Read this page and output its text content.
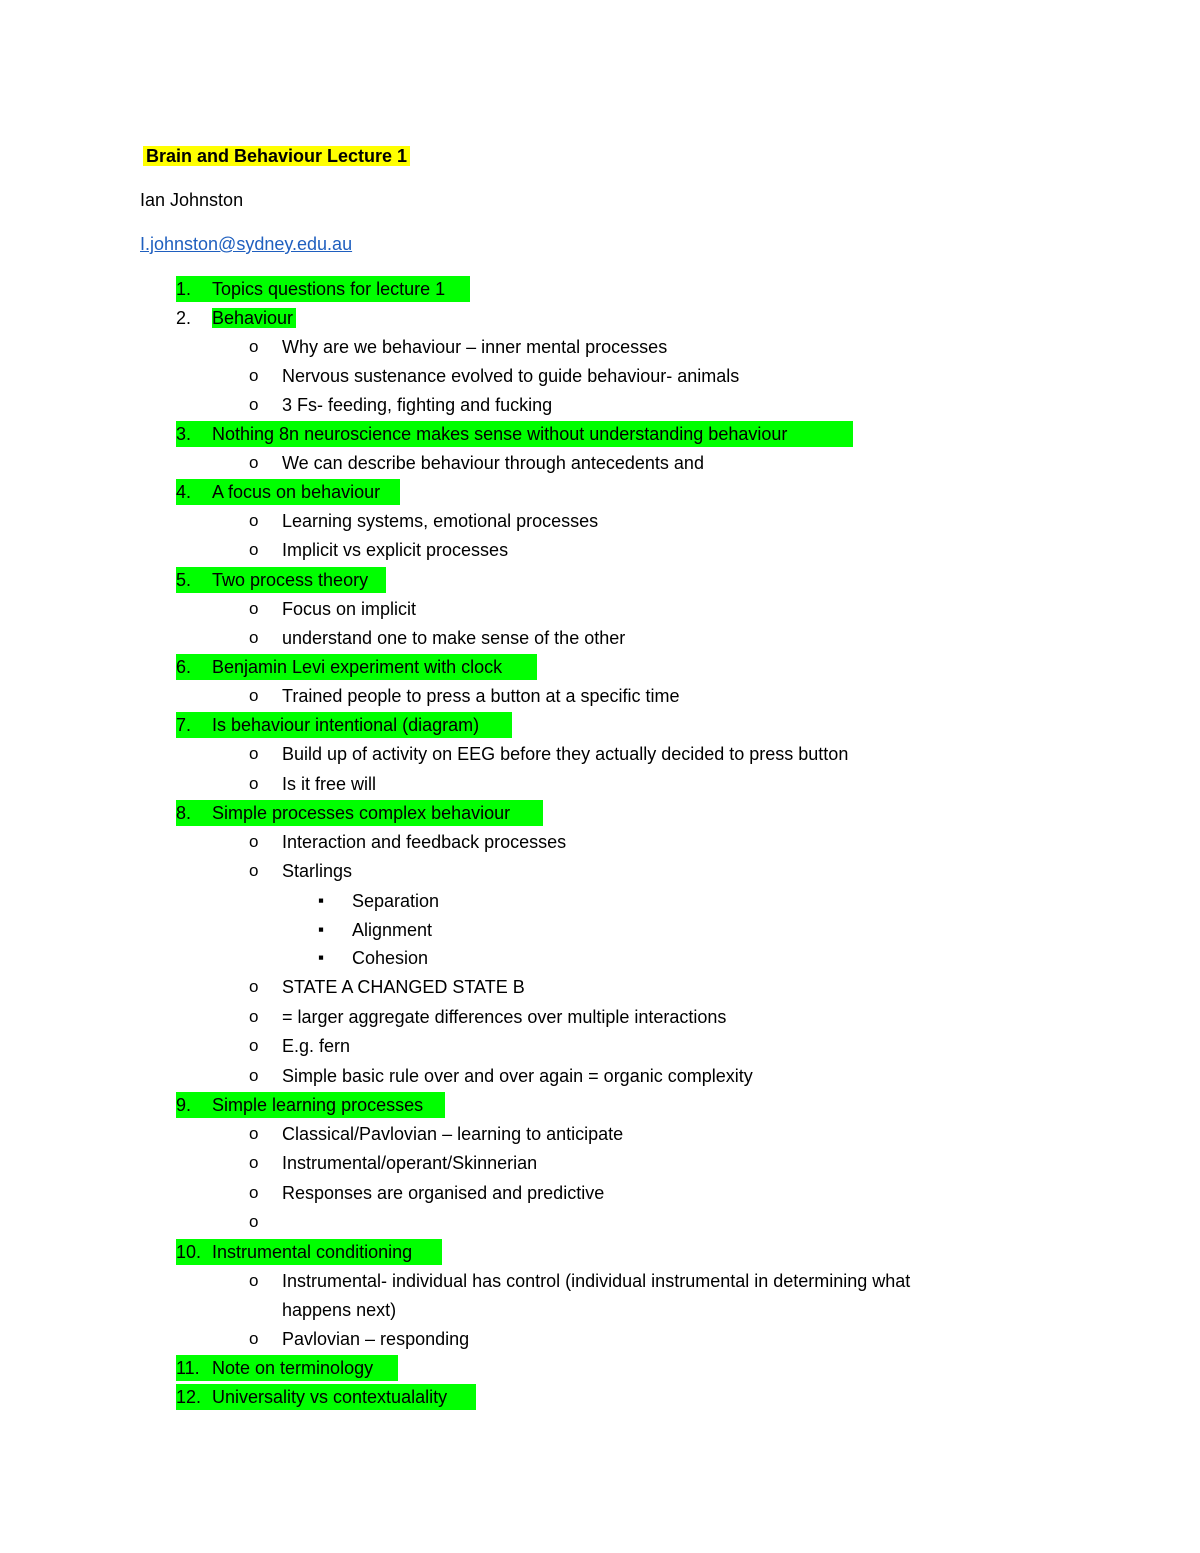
Brain and Behaviour Lecture 1
Ian Johnston
I.johnston@sydney.edu.au
1. Topics questions for lecture 1
2. Behaviour
o Why are we behaviour – inner mental processes
o Nervous sustenance evolved to guide behaviour- animals
o 3 Fs- feeding, fighting and fucking
3. Nothing 8n neuroscience makes sense without understanding behaviour
o We can describe behaviour through antecedents and
4. A focus on behaviour
o Learning systems, emotional processes
o Implicit vs explicit processes
5. Two process theory
o Focus on implicit
o understand one to make sense of the other
6. Benjamin Levi experiment with clock
o Trained people to press a button at a specific time
7. Is behaviour intentional (diagram)
o Build up of activity on EEG before they actually decided to press button
o Is it free will
8. Simple processes complex behaviour
o Interaction and feedback processes
o Starlings
▪ Separation
▪ Alignment
▪ Cohesion
o STATE A CHANGED STATE B
o = larger aggregate differences over multiple interactions
o E.g. fern
o Simple basic rule over and over again = organic complexity
9. Simple learning processes
o Classical/Pavlovian – learning to anticipate
o Instrumental/operant/Skinnerian
o Responses are organised and predictive
o
10. Instrumental conditioning
o Instrumental- individual has control (individual instrumental in determining what
happens next)
o Pavlovian – responding
11. Note on terminology
12. Universality vs contextualality
